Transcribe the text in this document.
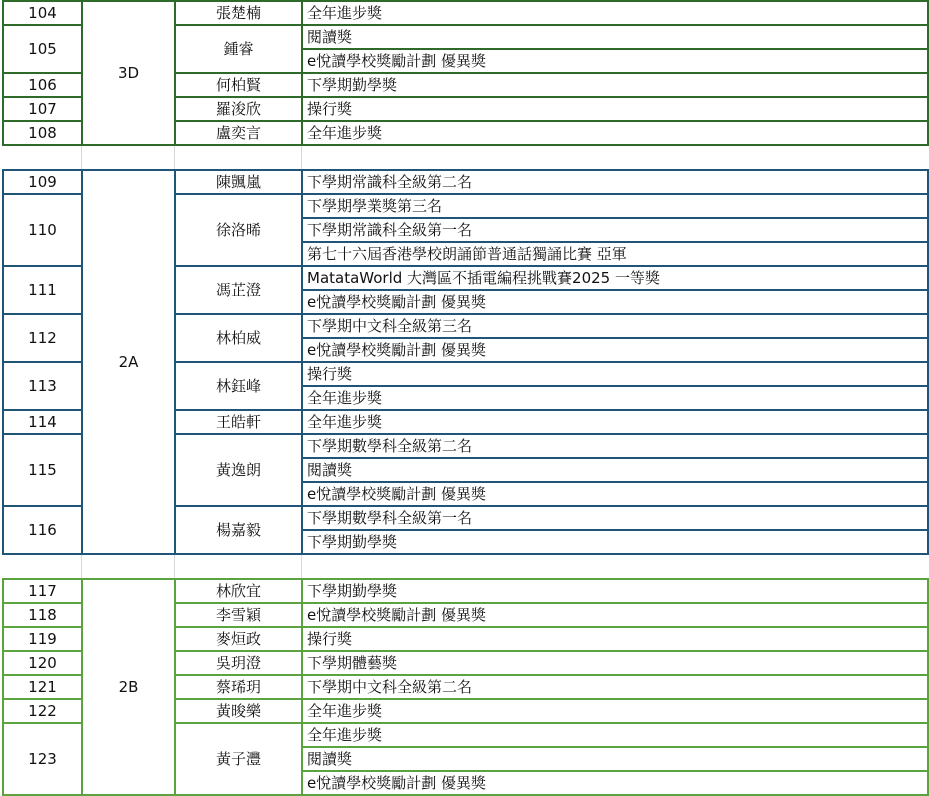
104	3D	張楚楠	全年進步獎
105		鍾睿	閱讀獎
			e悅讀學校獎勵計劃 優異獎
106		何柏賢	下學期勤學獎
107		羅浚欣	操行獎
108		盧奕言	全年進步獎
109	2A	陳颽嵐	下學期常識科全級第二名
110		徐洛晞	下學期學業獎第三名
			下學期常識科全級第一名
			第七十六屆香港學校朗誦節普通話獨誦比賽 亞軍
111		馮芷澄	MatataWorld 大灣區不插電編程挑戰賽2025 一等獎
			e悅讀學校獎勵計劃 優異獎
112		林柏威	下學期中文科全級第三名
			e悅讀學校獎勵計劃 優異獎
113		林鈺峰	操行獎
			全年進步獎
114		王皓軒	全年進步獎
115		黃逸朗	下學期數學科全級第二名
			閱讀獎
			e悅讀學校獎勵計劃 優異獎
116		楊嘉毅	下學期數學科全級第一名
			下學期勤學獎
117	2B	林欣宜	下學期勤學獎
118		李雪穎	e悅讀學校獎勵計劃 優異獎
119		麥烜政	操行獎
120		吳玥澄	下學期體藝獎
121		蔡琋玥	下學期中文科全級第二名
122		黃晙樂	全年進步獎
123		黃子灃	全年進步獎
			閱讀獎
			e悅讀學校獎勵計劃 優異獎
